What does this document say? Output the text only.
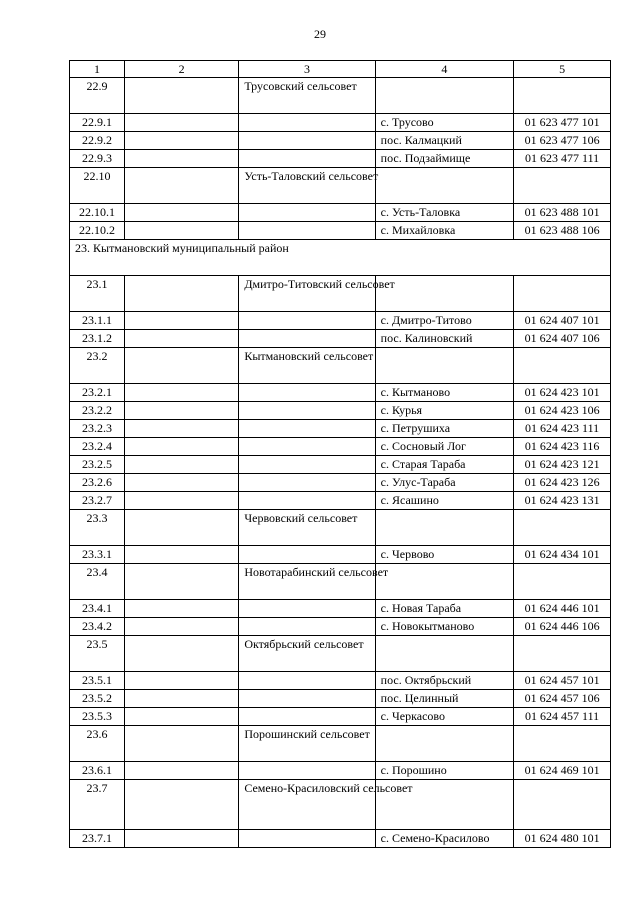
29
1	2	3	4	5
22.9		Трусовский сельсовет		
22.9.1			с. Трусово	01 623 477 101
22.9.2			пос. Калмацкий	01 623 477 106
22.9.3			пос. Подзаймище	01 623 477 111
22.10		Усть-Таловский сельсовет		
22.10.1			с. Усть-Таловка	01 623 488 101
22.10.2			с. Михайловка	01 623 488 106
23. Кытмановский муниципальный район				
23.1		Дмитро-Титовский сельсовет		
23.1.1			с. Дмитро-Титово	01 624 407 101
23.1.2			пос. Калиновский	01 624 407 106
23.2		Кытмановский сельсовет		
23.2.1			с. Кытманово	01 624 423 101
23.2.2			с. Курья	01 624 423 106
23.2.3			с. Петрушиха	01 624 423 111
23.2.4			с. Сосновый Лог	01 624 423 116
23.2.5			с. Старая Тараба	01 624 423 121
23.2.6			с. Улус-Тараба	01 624 423 126
23.2.7			с. Ясашино	01 624 423 131
23.3		Червовский сельсовет		
23.3.1			с. Червово	01 624 434 101
23.4		Новотарабинский сельсовет		
23.4.1			с. Новая Тараба	01 624 446 101
23.4.2			с. Новокытманово	01 624 446 106
23.5		Октябрьский сельсовет		
23.5.1			пос. Октябрьский	01 624 457 101
23.5.2			пос. Целинный	01 624 457 106
23.5.3			с. Черкасово	01 624 457 111
23.6		Порошинский сельсовет		
23.6.1			с. Порошино	01 624 469 101
23.7		Семено-Красиловский сельсовет		
23.7.1			с. Семено-Красилово	01 624 480 101
